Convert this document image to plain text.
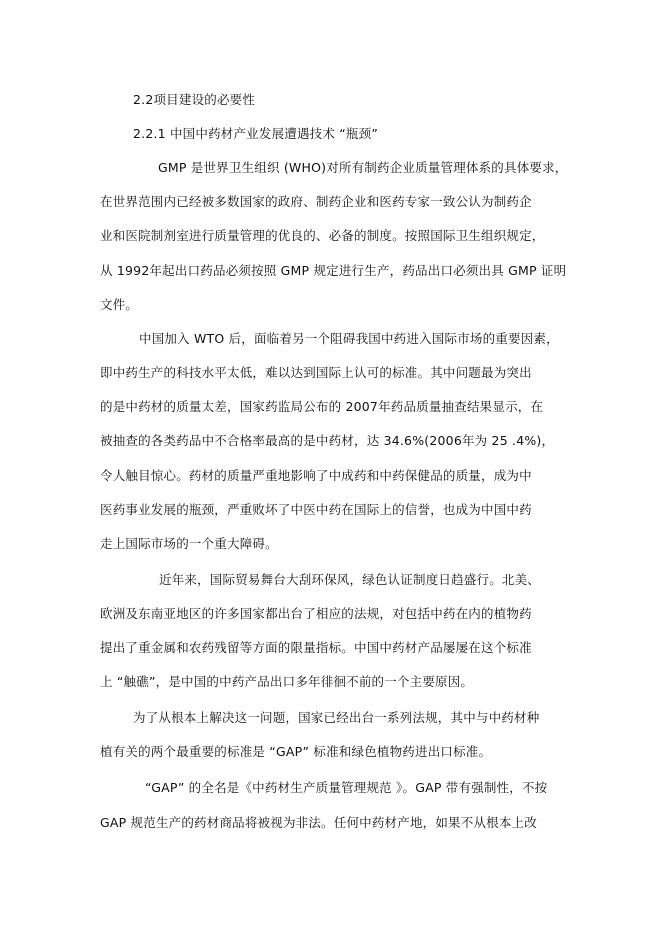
2.2项目建设的必要性
2.2.1 中国中药材产业发展遭遇技术 “瓶颈”
GMP 是世界卫生组织 (WHO)对所有制药企业质量管理体系的具体要求，
在世界范围内已经被多数国家的政府、制药企业和医药专家一致公认为制药企
业和医院制剂室进行质量管理的优良的、必备的制度。按照国际卫生组织规定，
从 1992年起出口药品必须按照 GMP 规定进行生产，药品出口必须出具 GMP 证明
文件。
中国加入 WTO 后，面临着另一个阻碍我国中药进入国际市场的重要因素，
即中药生产的科技水平太低，难以达到国际上认可的标准。其中问题最为突出
的是中药材的质量太差，国家药监局公布的 2007年药品质量抽查结果显示，在
被抽查的各类药品中不合格率最高的是中药材，达 34.6%(2006年为 25 .4%)，
令人触目惊心。药材的质量严重地影响了中成药和中药保健品的质量，成为中
医药事业发展的瓶颈，严重败坏了中医中药在国际上的信誉，也成为中国中药
走上国际市场的一个重大障碍。
近年来，国际贸易舞台大刮环保风，绿色认证制度日趋盛行。北美、
欧洲及东南亚地区的许多国家都出台了相应的法规，对包括中药在内的植物药
提出了重金属和农药残留等方面的限量指标。中国中药材产品屡屡在这个标准
上 “触礁”，是中国的中药产品出口多年徘徊不前的一个主要原因。
为了从根本上解决这一问题，国家已经出台一系列法规，其中与中药材种
植有关的两个最重要的标准是 “GAP” 标准和绿色植物药进出口标准。
“GAP” 的全名是《中药材生产质量管理规范 》。GAP 带有强制性，不按
GAP 规范生产的药材商品将被视为非法。任何中药材产地，如果不从根本上改
